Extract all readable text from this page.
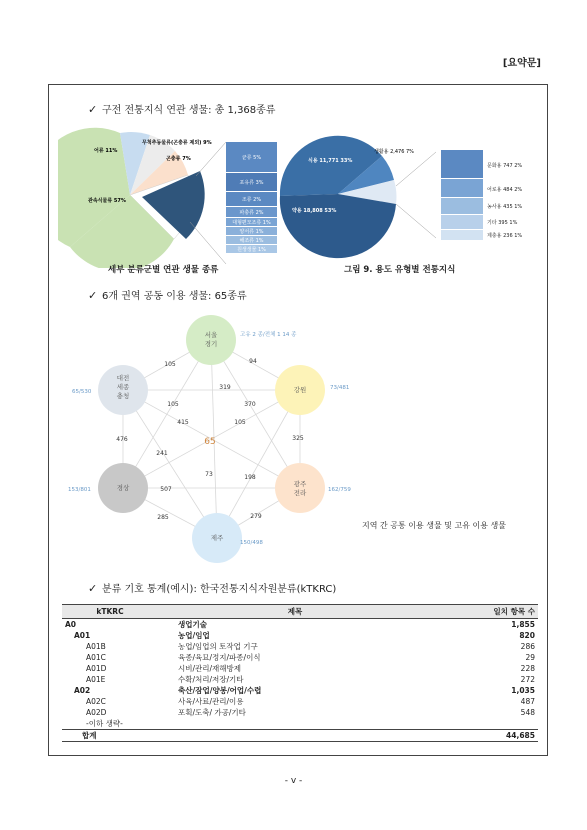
[요약문]
✓ 구전 전통지식 연관 생물: 총 1,368종류
관속식물류 57%
어류 11%
무척추동물류(곤충류 제외) 9%
곤충류 7%	균류 5%
포유류 3%
조류 2%
파충류 2%
대형편모조류 1%
양서류 1%
해조류 1%
원생생물 1%
세부 분류군별 연관 생물 종류
식용 11,771 33%
생활용 2,476 7%
약용 18,808 53%
문화용 747 2%
어로용 484 2%
농사용 435 1%
기타 395 1%
제충용 236 1%
그림 9. 용도 유형별 전통지식
✓ 6개 권역 공동 이용 생물: 65종류
서울
경기
강원
광주
전라
제주
경상
대전
세종
충청
고유 2 종/전체 1 14 종
73/481
162/759
150/498
153/801
65/530
65
105	94
319
105	370
415	105
476
241
325
198
73
507
285	279
지역 간 공통 이용 생물 및 고유 이용 생물
✓ 분류 기호 통계(예시): 한국전통지식자원분류(kTKRC)
kTKRC	제목	일치 항목 수
A0	생업기술	1,855
A01	농업/임업	820
A01B	농업/임업의 토작업 기구	286
A01C	육종/육묘/정지/파종/이식	29
A01D	시비/관리/재해방제	228
A01E	수확/처리/저장/기타	272
A02	축산/잠업/양봉/어업/수렵	1,035
A02C	사육/사료/관리/이용	487
A02D	포획/도축/ 가공/기타	548
-이하 생략-		
합계		44,685
- v -
